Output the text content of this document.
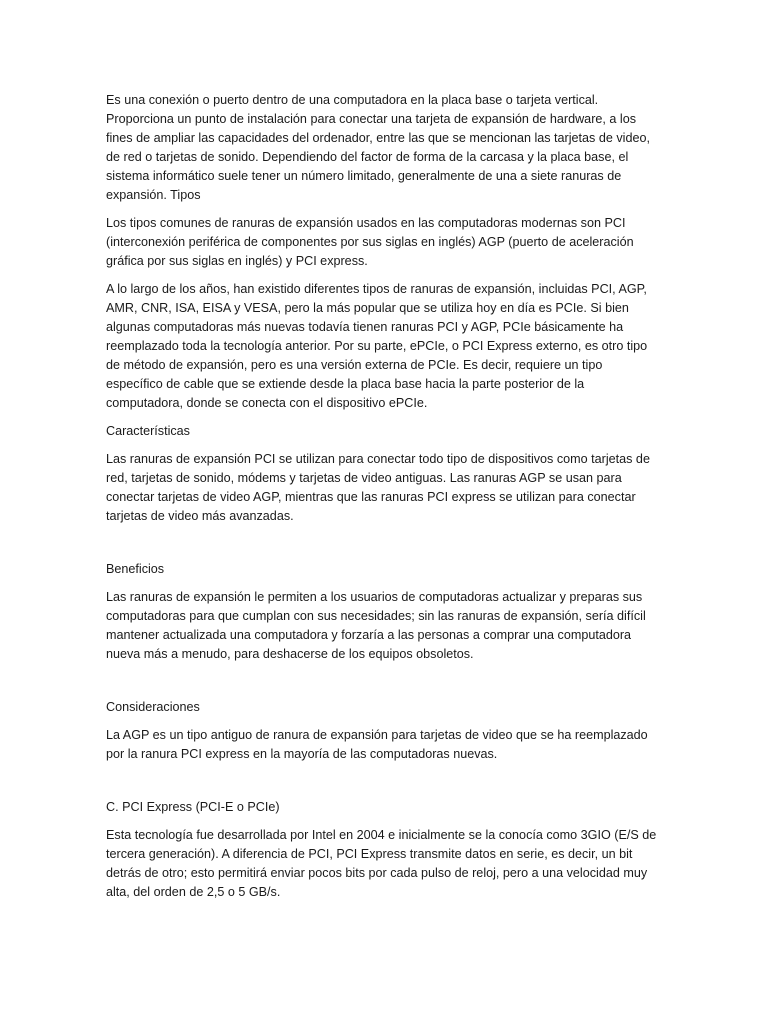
Es una conexión o puerto dentro de una computadora en la placa base o tarjeta vertical. Proporciona un punto de instalación para conectar una tarjeta de expansión de hardware, a los fines de ampliar las capacidades del ordenador, entre las que se mencionan las tarjetas de video, de red o tarjetas de sonido. Dependiendo del factor de forma de la carcasa y la placa base, el sistema informático suele tener un número limitado, generalmente de una a siete ranuras de expansión. Tipos

Los tipos comunes de ranuras de expansión usados en las computadoras modernas son PCI (interconexión periférica de componentes por sus siglas en inglés) AGP (puerto de aceleración gráfica por sus siglas en inglés) y PCI express.

A lo largo de los años, han existido diferentes tipos de ranuras de expansión, incluidas PCI, AGP, AMR, CNR, ISA, EISA y VESA, pero la más popular que se utiliza hoy en día es PCIe. Si bien algunas computadoras más nuevas todavía tienen ranuras PCI y AGP, PCIe básicamente ha reemplazado toda la tecnología anterior. Por su parte, ePCIe, o PCI Express externo, es otro tipo de método de expansión, pero es una versión externa de PCIe. Es decir, requiere un tipo específico de cable que se extiende desde la placa base hacia la parte posterior de la computadora, donde se conecta con el dispositivo ePCIe.

Características

Las ranuras de expansión PCI se utilizan para conectar todo tipo de dispositivos como tarjetas de red, tarjetas de sonido, módems y tarjetas de video antiguas. Las ranuras AGP se usan para conectar tarjetas de video AGP, mientras que las ranuras PCI express se utilizan para conectar tarjetas de video más avanzadas.

Beneficios

Las ranuras de expansión le permiten a los usuarios de computadoras actualizar y preparas sus computadoras para que cumplan con sus necesidades; sin las ranuras de expansión, sería difícil mantener actualizada una computadora y forzaría a las personas a comprar una computadora nueva más a menudo, para deshacerse de los equipos obsoletos.

Consideraciones

La AGP es un tipo antiguo de ranura de expansión para tarjetas de video que se ha reemplazado por la ranura PCI express en la mayoría de las computadoras nuevas.

C. PCI Express (PCI-E o PCIe)

Esta tecnología fue desarrollada por Intel en 2004 e inicialmente se la conocía como 3GIO (E/S de tercera generación). A diferencia de PCI, PCI Express transmite datos en serie, es decir, un bit detrás de otro; esto permitirá enviar pocos bits por cada pulso de reloj, pero a una velocidad muy alta, del orden de 2,5 o 5 GB/s.
